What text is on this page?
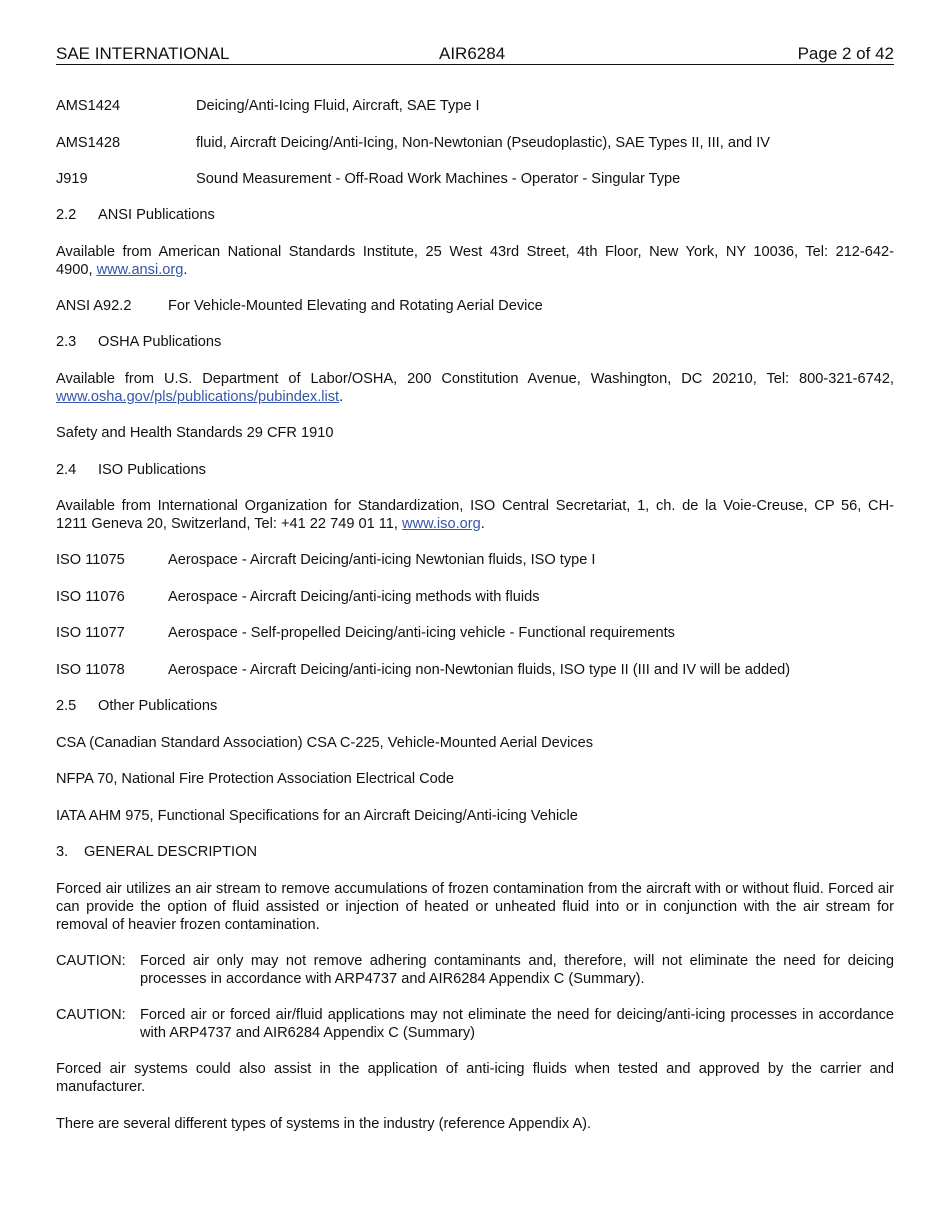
SAE INTERNATIONAL	AIR6284	Page 2 of 42
AMS1424	Deicing/Anti-Icing Fluid, Aircraft, SAE Type I
AMS1428	fluid, Aircraft Deicing/Anti-Icing, Non-Newtonian (Pseudoplastic), SAE Types II, III, and IV
J919	Sound Measurement - Off-Road Work Machines - Operator - Singular Type
2.2 ANSI Publications
Available from American National Standards Institute, 25 West 43rd Street, 4th Floor, New York, NY 10036, Tel: 212-642-
4900, www.ansi.org.
ANSI A92.2	For Vehicle-Mounted Elevating and Rotating Aerial Device
2.3 OSHA Publications
Available from U.S. Department of Labor/OSHA, 200 Constitution Avenue, Washington, DC 20210, Tel: 800-321-6742,
www.osha.gov/pls/publications/pubindex.list.
Safety and Health Standards 29 CFR 1910
2.4 ISO Publications
Available from International Organization for Standardization, ISO Central Secretariat, 1, ch. de la Voie-Creuse, CP 56, CH-
1211 Geneva 20, Switzerland, Tel: +41 22 749 01 11, www.iso.org.
ISO 11075	Aerospace - Aircraft Deicing/anti-icing Newtonian fluids, ISO type I
ISO 11076	Aerospace - Aircraft Deicing/anti-icing methods with fluids
ISO 11077	Aerospace - Self-propelled Deicing/anti-icing vehicle - Functional requirements
ISO 11078	Aerospace - Aircraft Deicing/anti-icing non-Newtonian fluids, ISO type II (III and IV will be added)
2.5 Other Publications
CSA (Canadian Standard Association) CSA C-225, Vehicle-Mounted Aerial Devices
NFPA 70, National Fire Protection Association Electrical Code
IATA AHM 975, Functional Specifications for an Aircraft Deicing/Anti-icing Vehicle
3. GENERAL DESCRIPTION
Forced air utilizes an air stream to remove accumulations of frozen contamination from the aircraft with or without fluid. Forced air can provide the option of fluid assisted or injection of heated or unheated fluid into or in conjunction with the air stream for removal of heavier frozen contamination.
CAUTION: Forced air only may not remove adhering contaminants and, therefore, will not eliminate the need for deicing processes in accordance with ARP4737 and AIR6284 Appendix C (Summary).
CAUTION: Forced air or forced air/fluid applications may not eliminate the need for deicing/anti-icing processes in accordance with ARP4737 and AIR6284 Appendix C (Summary)
Forced air systems could also assist in the application of anti-icing fluids when tested and approved by the carrier and manufacturer.
There are several different types of systems in the industry (reference Appendix A).
